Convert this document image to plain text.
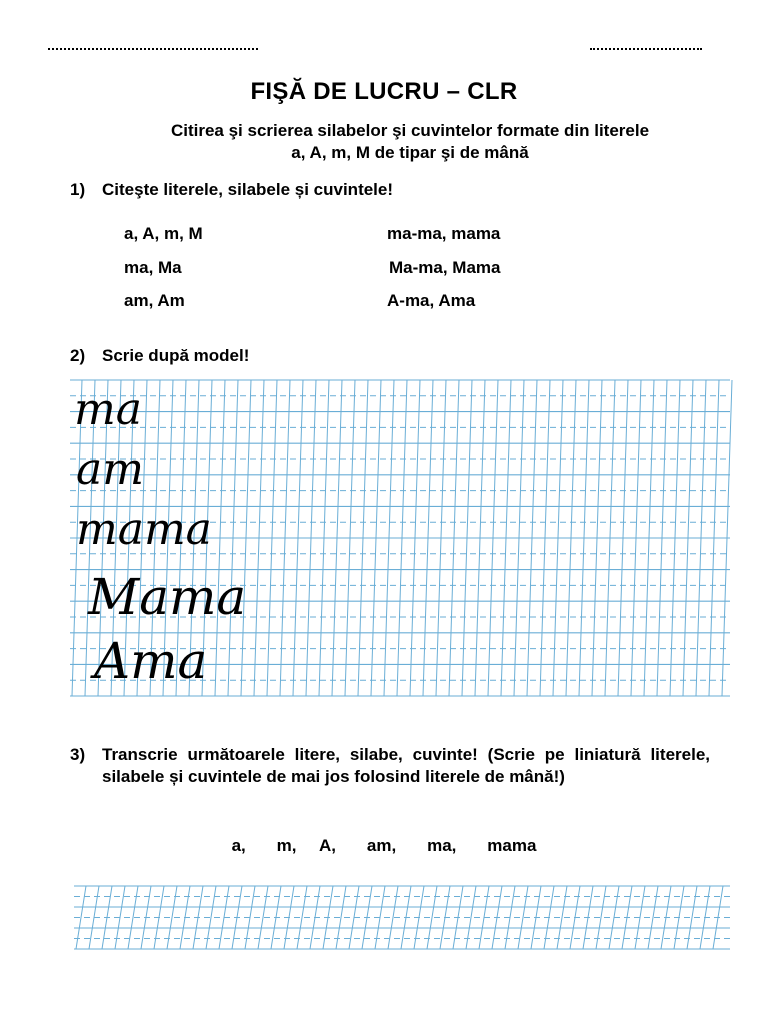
FIŞĂ DE LUCRU – CLR
Citirea şi scrierea silabelor şi cuvintelor formate din literele
a, A, m, M de tipar şi de mână
1) Citeşte literele, silabele și cuvintele!
a, A, m, M
ma, Ma
am, Am
ma-ma, mama
Ma-ma, Mama
A-ma, Ama
2) Scrie după model!
ma
am
mama
Mama
Ama
3) Transcrie următoarele litere, silabe, cuvinte! (Scrie pe liniatură literele, silabele și cuvintele de mai jos folosind literele de mână!)
a,    m,   A,    am,    ma,    mama
